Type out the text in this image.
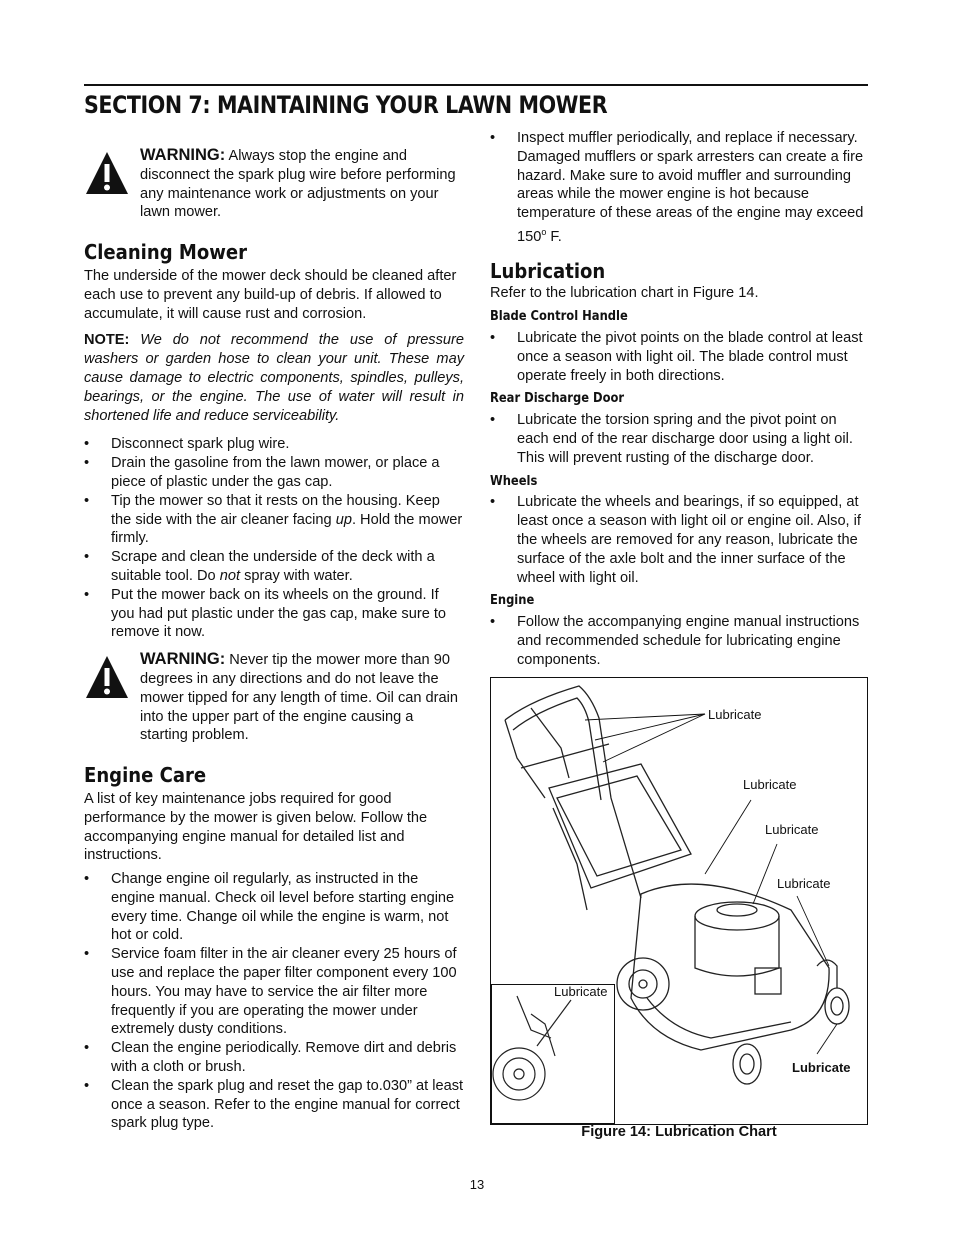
SECTION 7: MAINTAINING YOUR LAWN MOWER
WARNING: Always stop the engine and disconnect the spark plug wire before performing any maintenance work or adjustments on your lawn mower.
Cleaning Mower

The underside of the mower deck should be cleaned after each use to prevent any build-up of debris. If allowed to accumulate, it will cause rust and corrosion.

NOTE: We do not recommend the use of pressure washers or garden hose to clean your unit. These may cause damage to electric components, spindles, pulleys, bearings, or the engine. The use of water will result in shortened life and reduce serviceability.

• Disconnect spark plug wire.
• Drain the gasoline from the lawn mower, or place a piece of plastic under the gas cap.
• Tip the mower so that it rests on the housing. Keep the side with the air cleaner facing up. Hold the mower firmly.
• Scrape and clean the underside of the deck with a suitable tool. Do not spray with water.
• Put the mower back on its wheels on the ground. If you had put plastic under the gas cap, make sure to remove it now.
WARNING: Never tip the mower more than 90 degrees in any directions and do not leave the mower tipped for any length of time. Oil can drain into the upper part of the engine causing a starting problem.
Engine Care

A list of key maintenance jobs required for good performance by the mower is given below. Follow the accompanying engine manual for detailed list and instructions.

• Change engine oil regularly, as instructed in the engine manual. Check oil level before starting engine every time. Change oil while the engine is warm, not hot or cold.
• Service foam filter in the air cleaner every 25 hours of use and replace the paper filter component every 100 hours. You may have to service the air filter more frequently if you are operating the mower under extremely dusty conditions.
• Clean the engine periodically. Remove dirt and debris with a cloth or brush.
• Clean the spark plug and reset the gap to.030” at least once a season. Refer to the engine manual for correct spark plug type.
• Inspect muffler periodically, and replace if necessary. Damaged mufflers or spark arresters can create a fire hazard. Make sure to avoid muffler and surrounding areas while the mower engine is hot because temperature of these areas of the engine may exceed 150$^o$ F.
Lubrication

Refer to the lubrication chart in Figure 14.

Blade Control Handle
• Lubricate the pivot points on the blade control at least once a season with light oil. The blade control must operate freely in both directions.
Rear Discharge Door
• Lubricate the torsion spring and the pivot point on each end of the rear discharge door using a light oil. This will prevent rusting of the discharge door.
Wheels
• Lubricate the wheels and bearings, if so equipped, at least once a season with light oil or engine oil. Also, if the wheels are removed for any reason, lubricate the surface of the axle bolt and the inner surface of the wheel with light oil.
Engine
• Follow the accompanying engine manual instructions and recommended schedule for lubricating engine components.
Lubricate
Lubricate
Lubricate
Lubricate
Lubricate
Lubricate
Figure 14: Lubrication Chart
13
